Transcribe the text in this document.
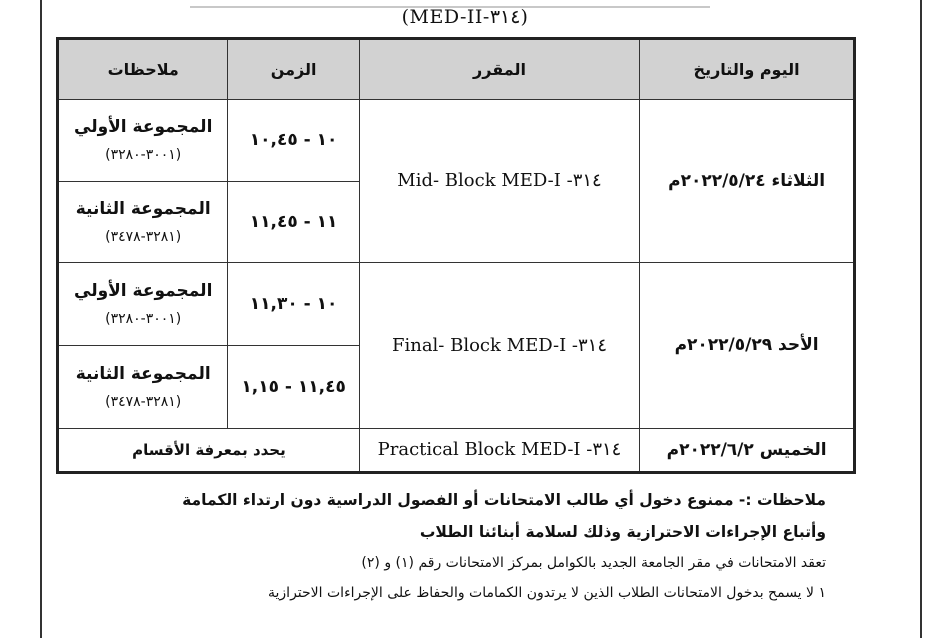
(MED-II-٣١٤)
اليوم والتاريخ	المقرر	الزمن	ملاحظات
الثلاثاء ٢٠٢٢/٥/٢٤م	Mid- Block MED-I -٣١٤	١٠ - ١٠,٤٥	المجموعة الأولي
(٣٠٠١-٣٢٨٠)

		١١ - ١١,٤٥	المجموعة الثانية
(٣٢٨١-٣٤٧٨)

الأحد ٢٠٢٢/٥/٢٩م	Final- Block MED-I -٣١٤	١٠ - ١١,٣٠	المجموعة الأولي
(٣٠٠١-٣٢٨٠)

		١١,٤٥ - ١,١٥	المجموعة الثانية
(٣٢٨١-٣٤٧٨)

الخميس ٢٠٢٢/٦/٢م	Practical Block MED-I -٣١٤	يحدد بمعرفة الأقسام	
ملاحظات :- ممنوع دخول أي طالب الامتحانات أو الفصول الدراسية دون ارتداء الكمامة
وأتباع الإجراءات الاحترازية وذلك لسلامة أبنائنا الطلاب
تعقد الامتحانات في مقر الجامعة الجديد بالكوامل بمركز الامتحانات رقم (١) و (٢)
١ لا يسمح بدخول الامتحانات الطلاب الذين لا يرتدون الكمامات والحفاظ على الإجراءات الاحترازية
